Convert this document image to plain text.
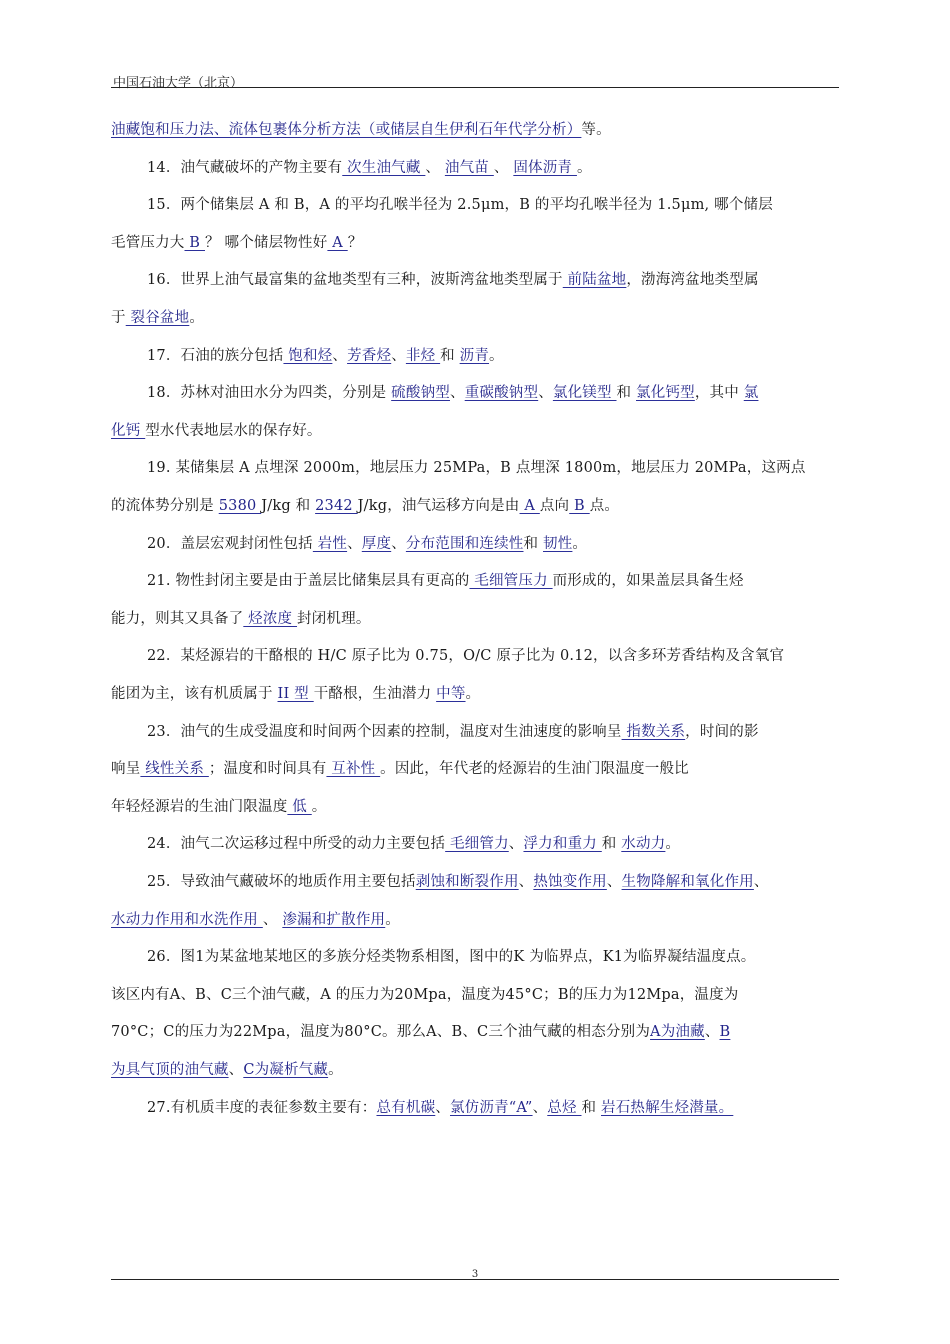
中国石油大学（北京）
油藏饱和压力法、流体包裹体分析方法（或储层自生伊利石年代学分析）等。
14．油气藏破坏的产物主要有 次生油气藏 、 油气苗 、 固体沥青 。
15．两个储集层 A 和 B，A 的平均孔喉半径为 2.5μm，B 的平均孔喉半径为 1.5μm, 哪个储层
毛管压力大 B ？ 哪个储层物性好 A ？
16．世界上油气最富集的盆地类型有三种，波斯湾盆地类型属于 前陆盆地，渤海湾盆地类型属
于 裂谷盆地。
17．石油的族分包括 饱和烃、芳香烃、非烃 和 沥青。
18．苏林对油田水分为四类，分别是 硫酸钠型、重碳酸钠型、氯化镁型 和 氯化钙型，其中 氯
化钙 型水代表地层水的保存好。
19. 某储集层 A 点埋深 2000m，地层压力 25MPa，B 点埋深 1800m，地层压力 20MPa，这两点
的流体势分别是 5380 J/kg 和 2342 J/kg，油气运移方向是由 A 点向 B 点。
20．盖层宏观封闭性包括 岩性、厚度、分布范围和连续性和 韧性。
21. 物性封闭主要是由于盖层比储集层具有更高的 毛细管压力 而形成的，如果盖层具备生烃
能力，则其又具备了 烃浓度 封闭机理。
22．某烃源岩的干酪根的 H/C 原子比为 0.75，O/C 原子比为 0.12，以含多环芳香结构及含氧官
能团为主，该有机质属于 II 型 干酪根，生油潜力 中等。
23．油气的生成受温度和时间两个因素的控制，温度对生油速度的影响呈 指数关系，时间的影
响呈 线性关系 ；温度和时间具有 互补性 。因此，年代老的烃源岩的生油门限温度一般比
年轻烃源岩的生油门限温度 低 。
24．油气二次运移过程中所受的动力主要包括 毛细管力、浮力和重力 和 水动力。
25．导致油气藏破坏的地质作用主要包括剥蚀和断裂作用、热蚀变作用、生物降解和氧化作用、
水动力作用和水洗作用 、 渗漏和扩散作用。
26．图1为某盆地某地区的多族分烃类物系相图，图中的K 为临界点，K1为临界凝结温度点。
该区内有A、B、C三个油气藏，A 的压力为20Mpa，温度为45°C；B的压力为12Mpa，温度为
70°C；C的压力为22Mpa，温度为80°C。那么A、B、C三个油气藏的相态分别为A为油藏、B
为具气顶的油气藏、C为凝析气藏。
27.有机质丰度的表征参数主要有：总有机碳、氯仿沥青“A”、总烃 和 岩石热解生烃潜量。
3
